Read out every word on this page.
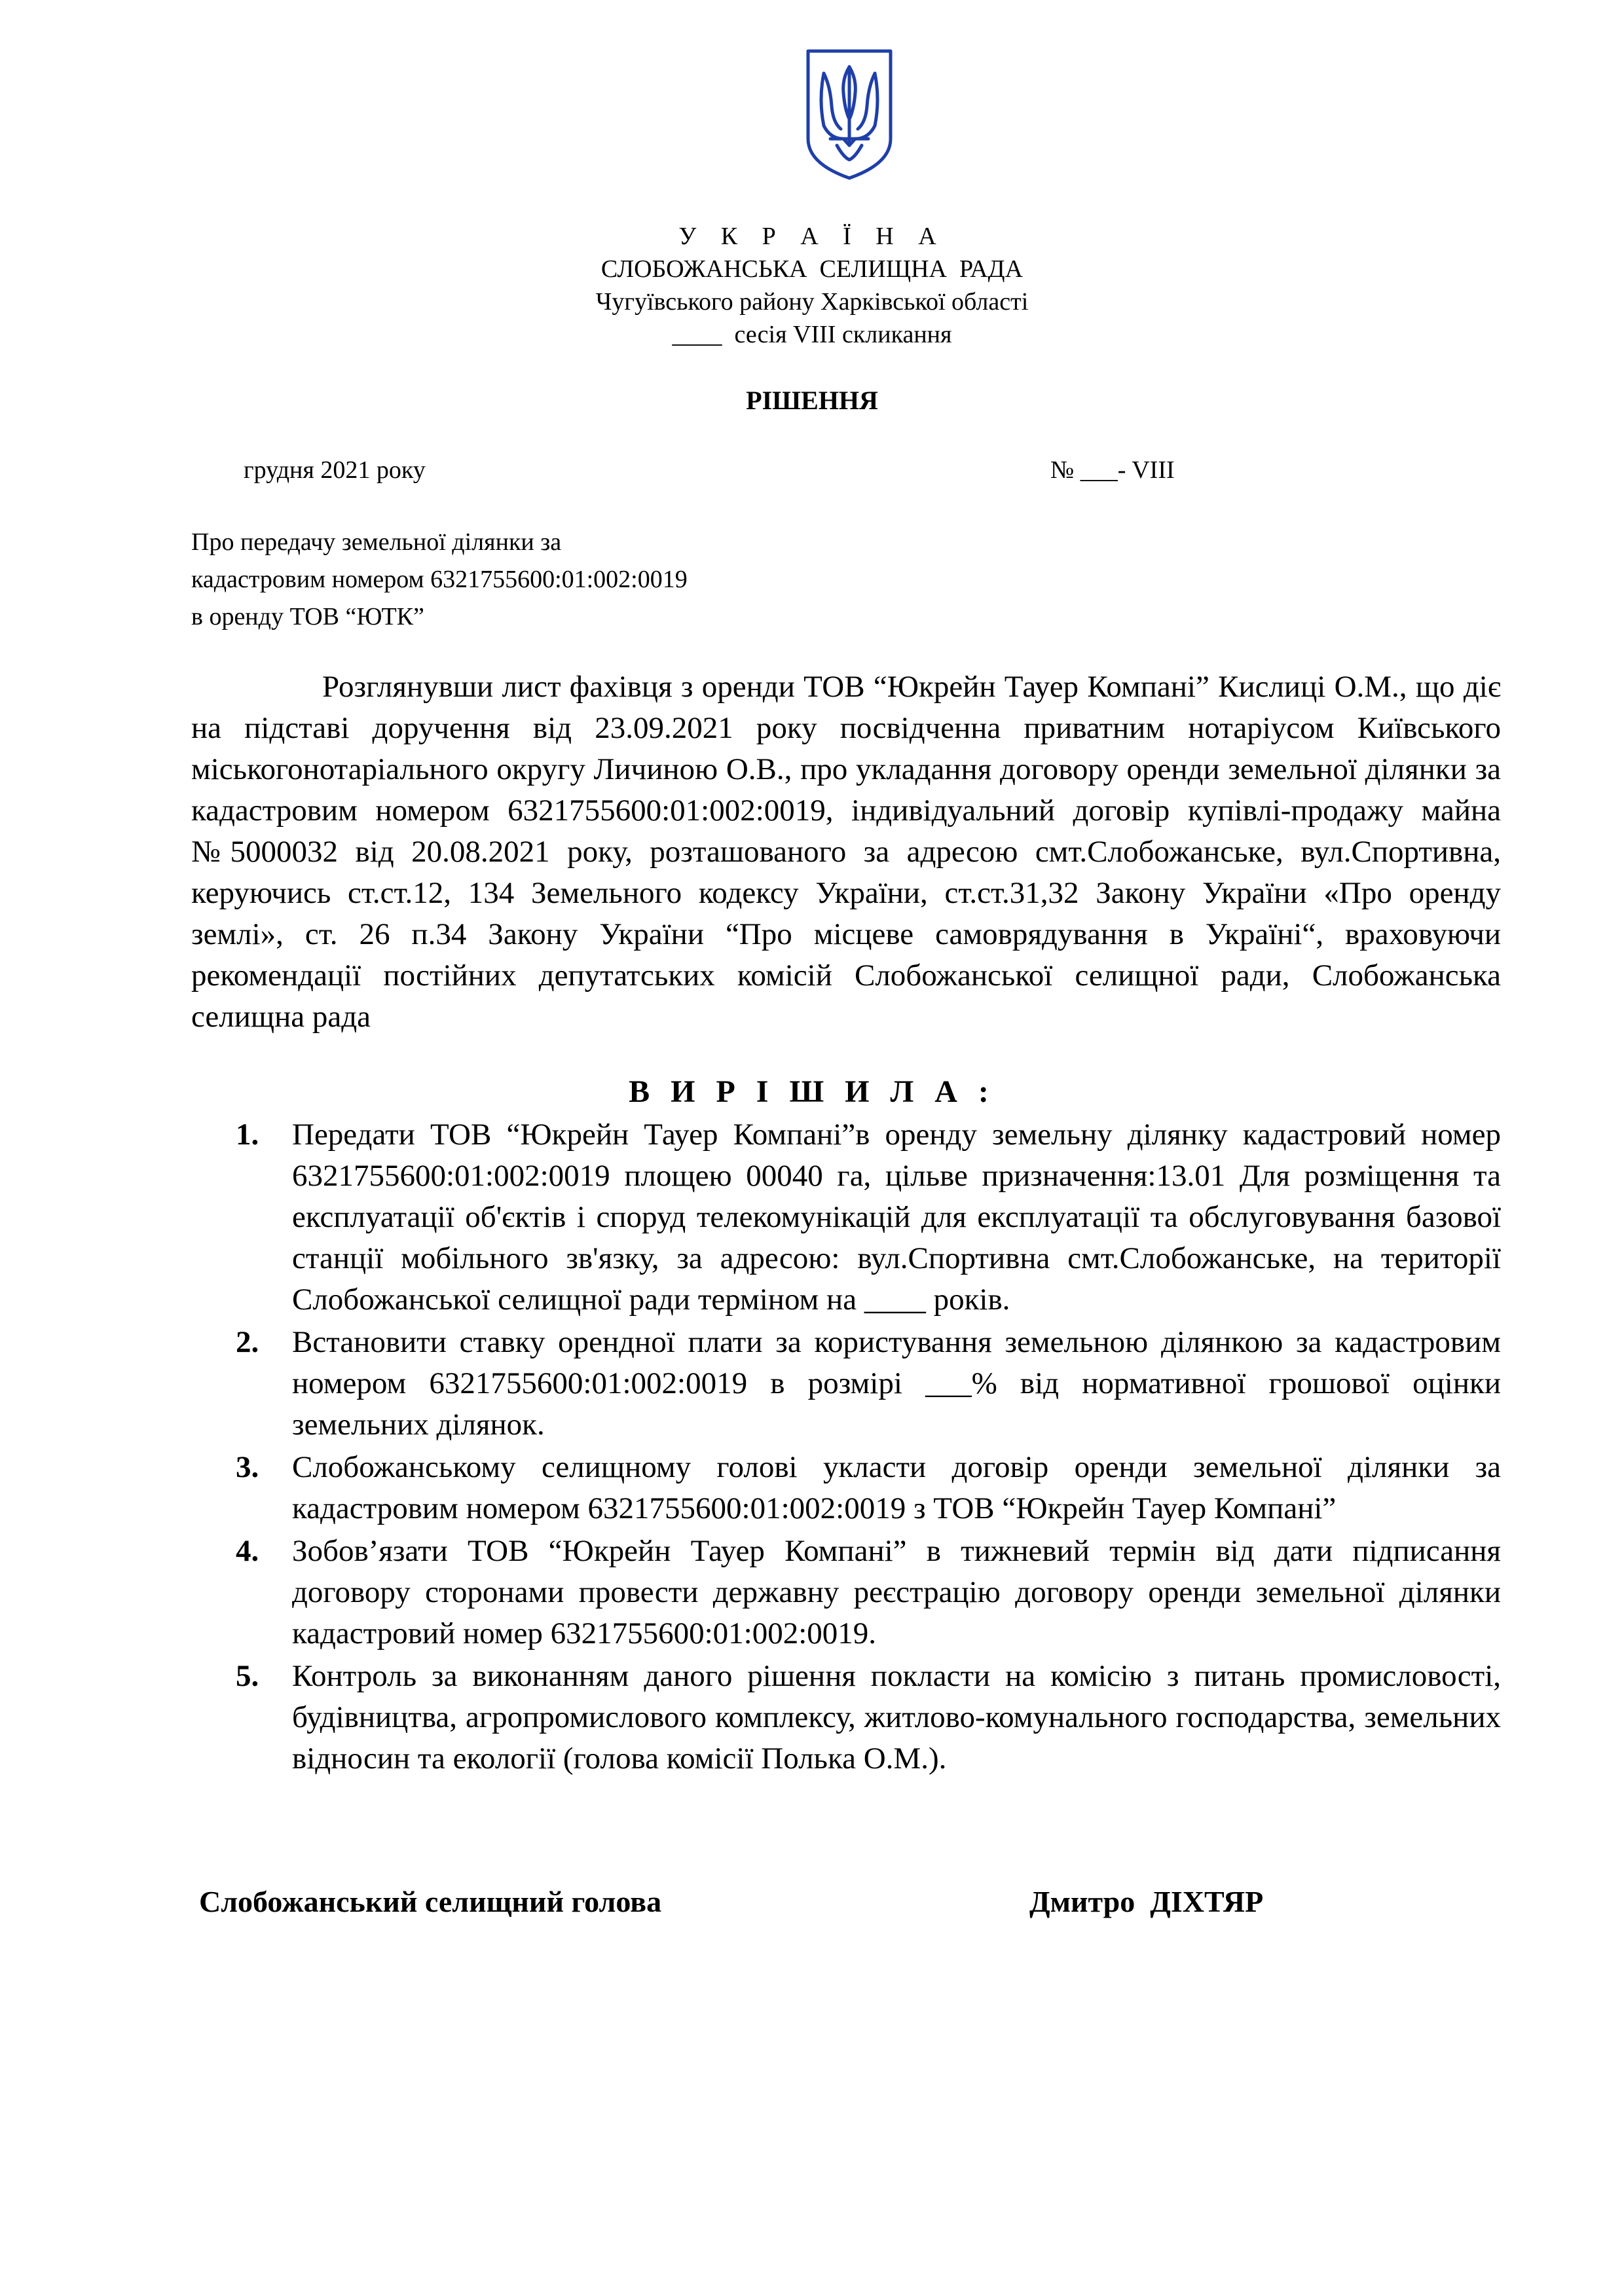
У К Р А Ї Н А
СЛОБОЖАНСЬКА  СЕЛИЩНА  РАДА
Чугуївського району Харківської області
____  сесія VIII скликання
РІШЕННЯ
грудня 2021 року	№ ___- VIII
Про передачу земельної ділянки за
кадастровим номером 6321755600:01:002:0019
в оренду ТОВ “ЮТК”
Розглянувши лист фахівця з оренди ТОВ “Юкрейн Тауер Компані” Кислиці О.М., що діє на підставі доручення від 23.09.2021 року посвідченна приватним нотаріусом Київського міськогонотаріального округу Личиною О.В., про укладання договору оренди земельної ділянки за кадастровим номером 6321755600:01:002:0019, індивідуальний договір купівлі-продажу майна №5000032 від 20.08.2021 року, розташованого за адресою смт.Слобожанське, вул.Спортивна, керуючись ст.ст.12, 134 Земельного кодексу України, ст.ст.31,32 Закону України «Про оренду землі», ст. 26 п.34 Закону України “Про місцеве самоврядування в Україні“, враховуючи рекомендації постійних депутатських комісій Слобожанської селищної ради, Слобожанська селищна рада
В И Р І Ш И Л А :
1. Передати ТОВ “Юкрейн Тауер Компані”в оренду земельну ділянку кадастровий номер 6321755600:01:002:0019 площею 00040 га, цільве призначення:13.01 Для розміщення та експлуатації об'єктів і споруд телекомунікацій для експлуатації та обслуговування базової станції мобільного зв'язку, за адресою: вул.Спортивна смт.Слобожанське, на території Слобожанської селищної ради терміном на ____ років.
2. Встановити ставку орендної плати за користування земельною ділянкою за кадастровим номером 6321755600:01:002:0019 в розмірі ___% від нормативної грошової оцінки земельних ділянок.
3. Слобожанському селищному голові укласти договір оренди земельної ділянки за кадастровим номером 6321755600:01:002:0019 з ТОВ “Юкрейн Тауер Компані”
4. Зобов’язати ТОВ “Юкрейн Тауер Компані” в тижневий термін від дати підписання договору сторонами провести державну реєстрацію договору оренди земельної ділянки кадастровий номер 6321755600:01:002:0019.
5. Контроль за виконанням даного рішення покласти на комісію з питань промисловості, будівництва, агропромислового комплексу, житлово-комунального господарства, земельних відносин та екології (голова комісії Полька О.М.).
Слобожанський селищний голова	Дмитро  ДІХТЯР
